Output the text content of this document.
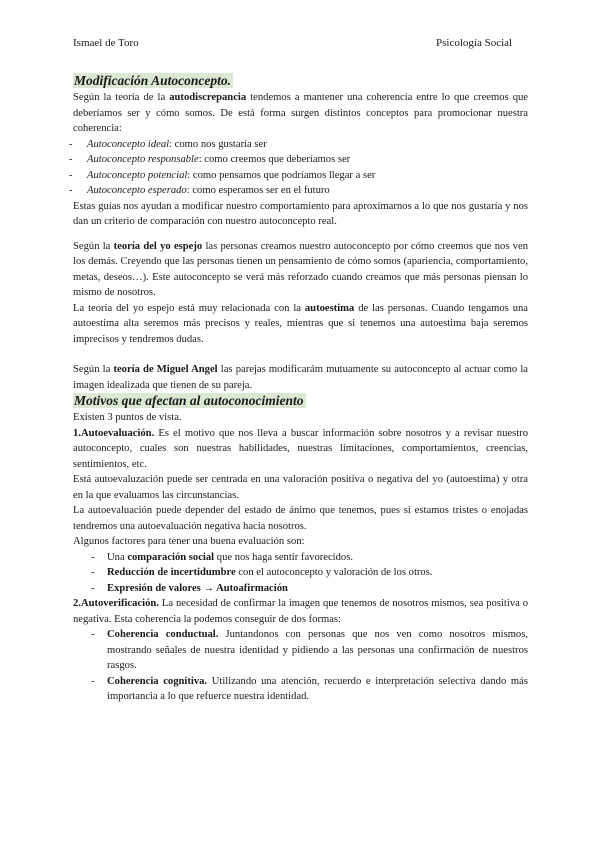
Ismael de Toro	Psicología Social
Modificación Autoconcepto.

Según la teoría de la autodiscrepancia tendemos a mantener una coherencia entre lo que creemos que deberíamos ser y cómo somos. De está forma surgen distintos conceptos para promocionar nuestra coherencia:

- Autoconcepto ideal: como nos gustaría ser
- Autoconcepto responsable: como creemos que deberíamos ser
- Autoconcepto potencial: como pensamos que podríamos llegar a ser
- Autoconcepto esperado: como esperamos ser en el futuro

Estas guías nos ayudan a modificar nuestro comportamiento para aproximarnos a lo que nos gustaría y nos dan un criterio de comparación con nuestro autoconcepto real.

Según la teoría del yo espejo las personas creamos nuestro autoconcepto por cómo creemos que nos ven los demás. Creyendo que las personas tienen un pensamiento de cómo somos (apariencia, comportamiento, metas, deseos…). Este autoconcepto se verá más reforzado cuando creamos que más personas piensan lo mismo de nosotros.

La teoría del yo espejo está muy relacionada con la autoestima de las personas. Cuando tengamos una autoestima alta seremos más precisos y reales, mientras que si tenemos una autoestima baja seremos imprecisos y tendremos dudas.

Según la teoría de Miguel Angel las parejas modificarám mutuamente su autoconcepto al actuar como la imagen idealizada que tienen de su pareja.

Motivos que afectan al autoconocimiento

Existen 3 puntos de vista.

1.Autoevaluación. Es el motivo que nos lleva a buscar información sobre nosotros y a revisar nuestro autoconcepto, cuales son nuestras habilidades, nuestras limitaciones, comportamientos, creencias, sentimientos, etc.

Está autoevaluzación puede ser centrada en una valoración positiva o negativa del yo (autoestima) y otra en la que evaluamos las circunstancias.

La autoevaluación puede depender del estado de ánimo que tenemos, pues si estamos tristes o enojadas tendremos una autoevaluación negativa hacia nosotros.

Algunos factores para tener una buena evaluación son:

- Una comparación social que nos haga sentir favorecidos.
- Reducción de incertidumbre con el autoconcepto y valoración de los otros.
- Expresión de valores → Autoafirmación

2.Autoverificación. La necesidad de confirmar la imagen que tenemos de nosotros mismos, sea positiva o negativa. Esta coherencia la podemos conseguir de dos formas:

- Coherencia conductual. Juntandonos con personas que nos ven como nosotros mismos, mostrando señales de nuestra identidad y pidiendo a las personas una confirmación de nuestros rasgos.
- Coherencia cognitiva. Utilizando una atención, recuerdo e interpretación selectiva dando más importancia a lo que refuerce nuestra identidad.
